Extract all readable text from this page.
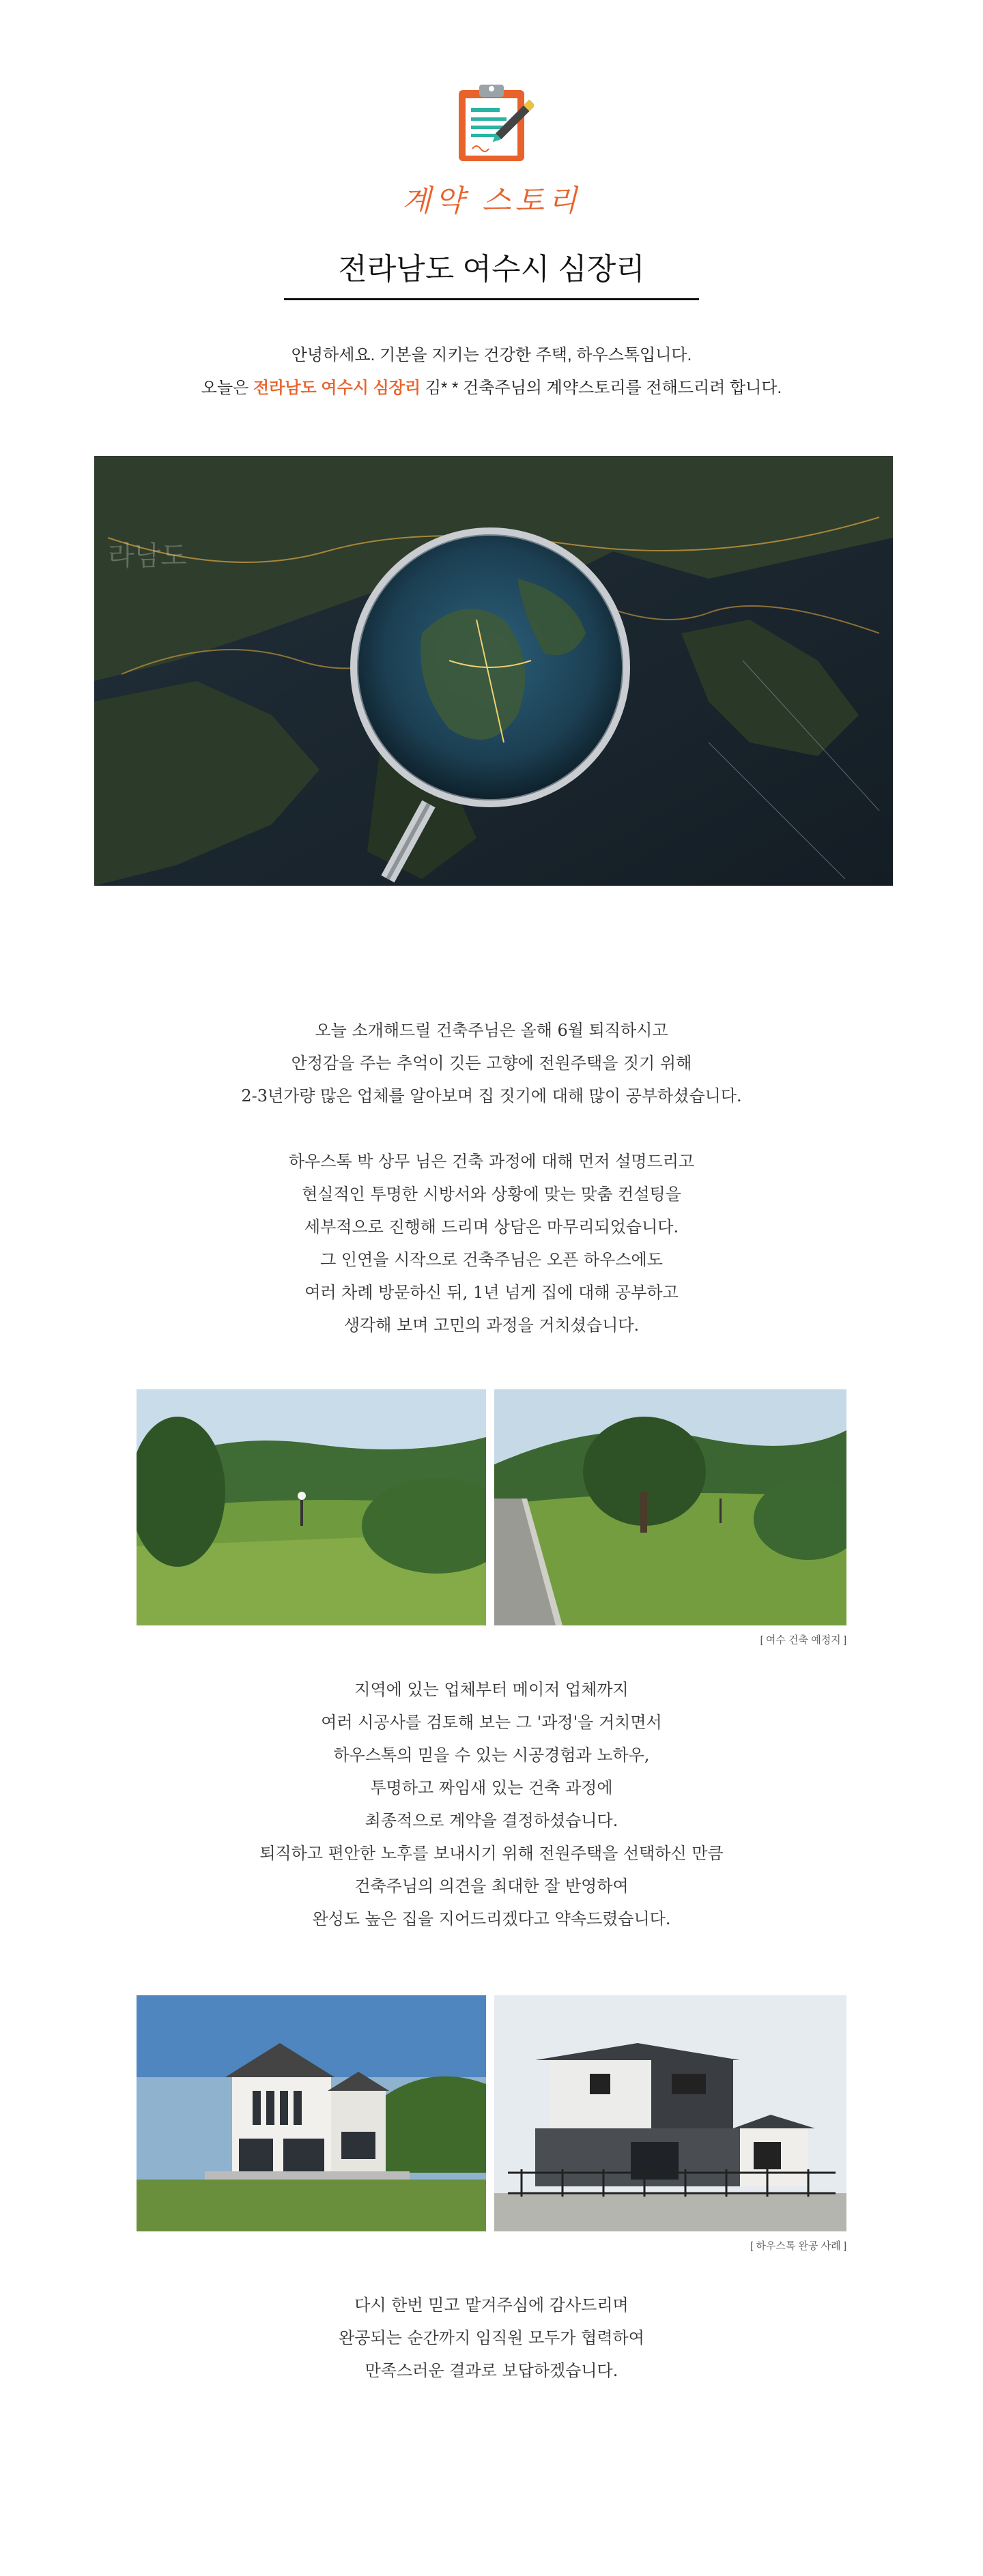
계약 스토리
전라남도 여수시 심장리

안녕하세요. 기본을 지키는 건강한 주택, 하우스톡입니다.

오늘은 전라남도 여수시 심장리 김* * 건축주님의 계약스토리를 전해드리려 합니다.

라남도
오늘 소개해드릴 건축주님은 올해 6월 퇴직하시고
안정감을 주는 추억이 깃든 고향에 전원주택을 짓기 위해
2-3년가량 많은 업체를 알아보며 집 짓기에 대해 많이 공부하셨습니다.
하우스톡 박 상무 님은 건축 과정에 대해 먼저 설명드리고
현실적인 투명한 시방서와 상황에 맞는 맞춤 컨설팅을
세부적으로 진행해 드리며 상담은 마무리되었습니다.
그 인연을 시작으로 건축주님은 오픈 하우스에도
여러 차례 방문하신 뒤, 1년 넘게 집에 대해 공부하고
생각해 보며 고민의 과정을 거치셨습니다.
[ 여수 건축 예정지 ]
지역에 있는 업체부터 메이저 업체까지
여러 시공사를 검토해 보는 그 '과정'을 거치면서
하우스톡의 믿을 수 있는 시공경험과 노하우,
투명하고 짜임새 있는 건축 과정에
최종적으로 계약을 결정하셨습니다.
퇴직하고 편안한 노후를 보내시기 위해 전원주택을 선택하신 만큼
건축주님의 의견을 최대한 잘 반영하여
완성도 높은 집을 지어드리겠다고 약속드렸습니다.
[ 하우스톡 완공 사례 ]
다시 한번 믿고 맡겨주심에 감사드리며
완공되는 순간까지 임직원 모두가 협력하여
만족스러운 결과로 보답하겠습니다.
